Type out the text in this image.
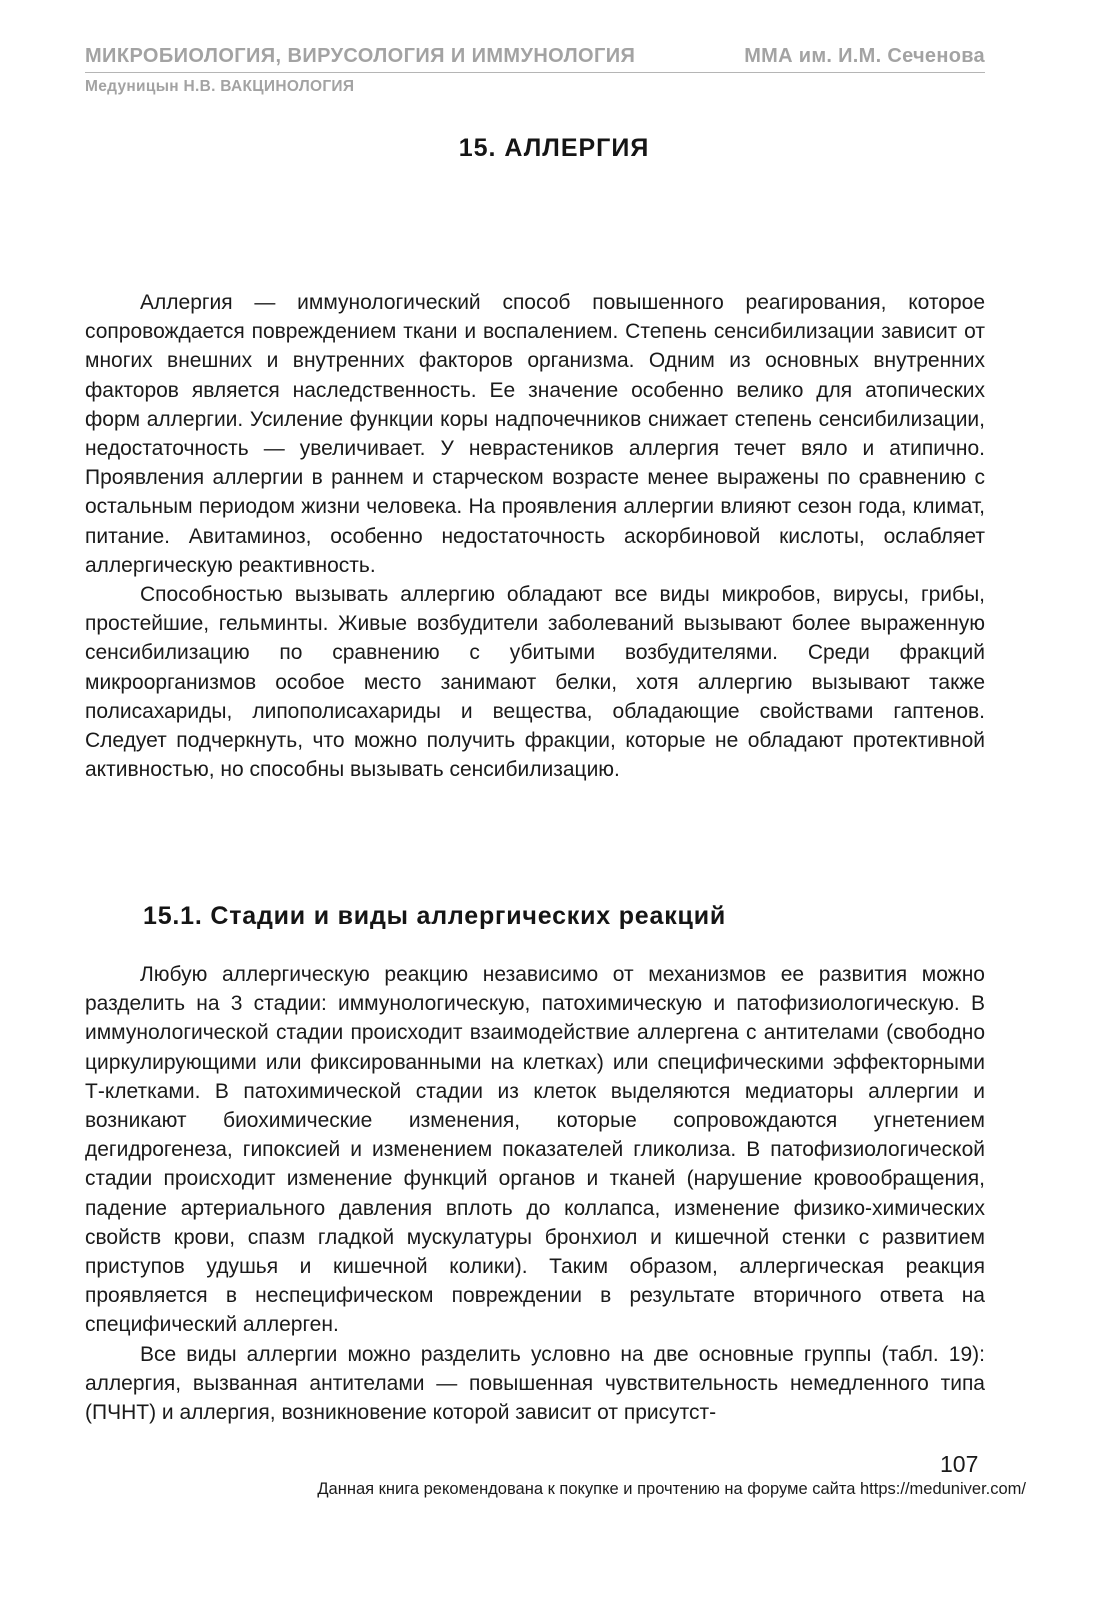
МИКРОБИОЛОГИЯ, ВИРУСОЛОГИЯ И ИММУНОЛОГИЯ	ММА им. И.М. Сеченова
Медуницын Н.В. ВАКЦИНОЛОГИЯ
15. АЛЛЕРГИЯ

Аллергия — иммунологический способ повышенного реагирования, которое сопровождается повреждением ткани и воспалением. Степень сенсибилизации зависит от многих внешних и внутренних факторов организма. Одним из основных внутренних факторов является наследственность. Ее значение особенно велико для атопических форм аллергии. Усиление функции коры надпочечников снижает степень сенсибилизации, недостаточность — увеличивает. У неврастеников аллергия течет вяло и атипично. Проявления аллергии в раннем и старческом возрасте менее выражены по сравнению с остальным периодом жизни человека. На проявления аллергии влияют сезон года, климат, питание. Авитаминоз, особенно недостаточность аскорбиновой кислоты, ослабляет аллергическую реактивность.

Способностью вызывать аллергию обладают все виды микробов, вирусы, грибы, простейшие, гельминты. Живые возбудители заболеваний вызывают более выраженную сенсибилизацию по сравнению с убитыми возбудителями. Среди фракций микроорганизмов особое место занимают белки, хотя аллергию вызывают также полисахариды, липополисахариды и вещества, обладающие свойствами гаптенов. Следует подчеркнуть, что можно получить фракции, которые не обладают протективной активностью, но способны вызывать сенсибилизацию.

15.1. Стадии и виды аллергических реакций

Любую аллергическую реакцию независимо от механизмов ее развития можно разделить на 3 стадии: иммунологическую, патохимическую и патофизиологическую. В иммунологической стадии происходит взаимодействие аллергена с антителами (свободно циркулирующими или фиксированными на клетках) или специфическими эффекторными Т-клетками. В патохимической стадии из клеток выделяются медиаторы аллергии и возникают биохимические изменения, которые сопровождаются угнетением дегидрогенеза, гипоксией и изменением показателей гликолиза. В патофизиологической стадии происходит изменение функций органов и тканей (нарушение кровообращения, падение артериального давления вплоть до коллапса, изменение физико-химических свойств крови, спазм гладкой мускулатуры бронхиол и кишечной стенки с развитием приступов удушья и кишечной колики). Таким образом, аллергическая реакция проявляется в неспецифическом повреждении в результате вторичного ответа на специфический аллерген.

Все виды аллергии можно разделить условно на две основные группы (табл. 19): аллергия, вызванная антителами — повышенная чувствительность немедленного типа (ПЧНТ) и аллергия, возникновение которой зависит от присутст-

107
Данная книга рекомендована к покупке и прочтению на форуме сайта https://meduniver.com/
